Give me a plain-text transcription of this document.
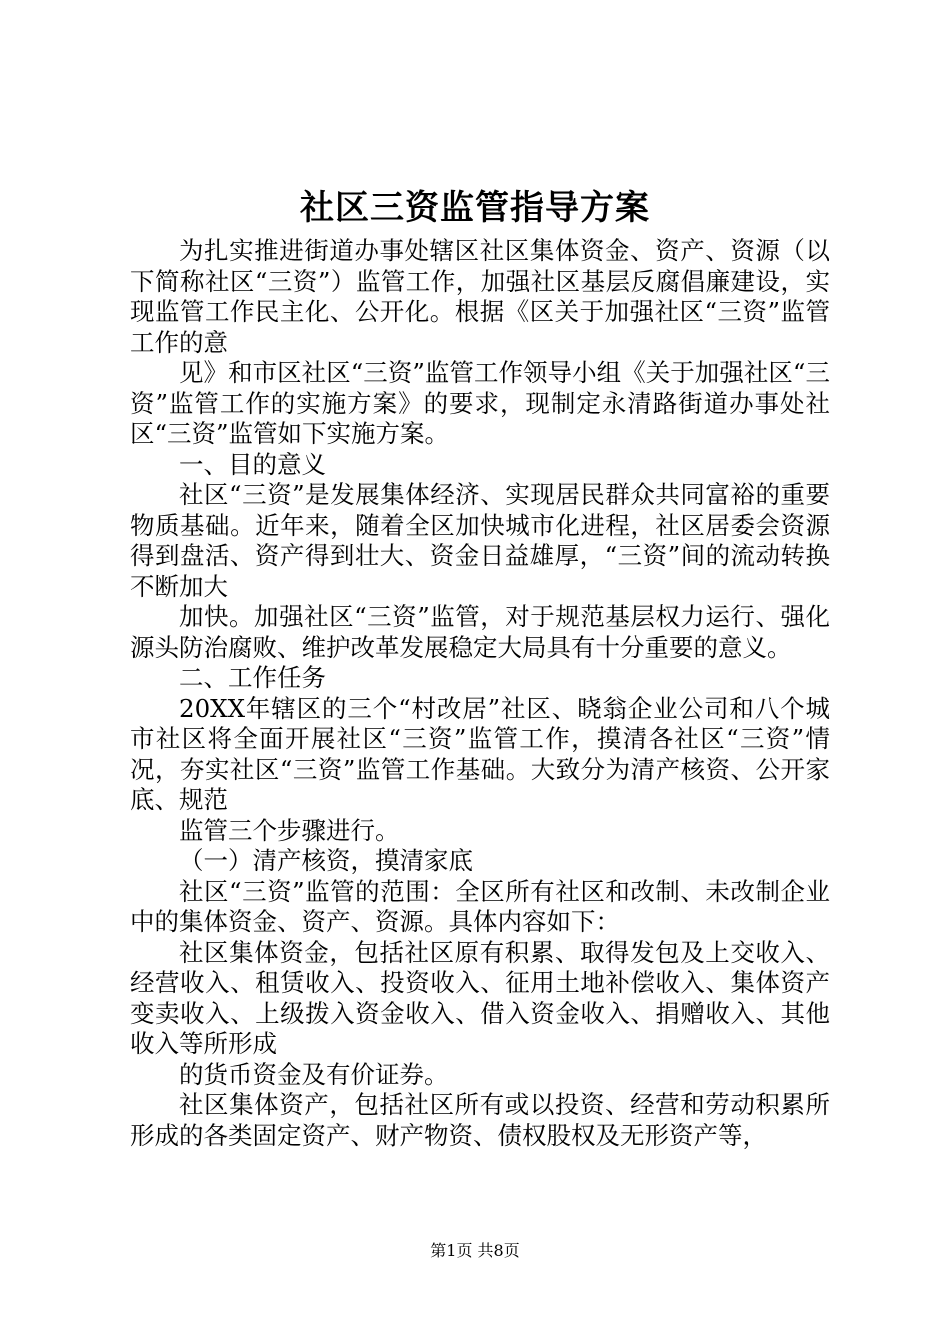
社区三资监管指导方案

为扎实推进街道办事处辖区社区集体资金、资产、资源（以下简称社区“三资”）监管工作，加强社区基层反腐倡廉建设，实现监管工作民主化、公开化。根据《区关于加强社区“三资”监管工作的意

见》和市区社区“三资”监管工作领导小组《关于加强社区“三资”监管工作的实施方案》的要求，现制定永清路街道办事处社区“三资”监管如下实施方案。

一、目的意义

社区“三资”是发展集体经济、实现居民群众共同富裕的重要物质基础。近年来，随着全区加快城市化进程，社区居委会资源得到盘活、资产得到壮大、资金日益雄厚，“三资”间的流动转换不断加大

加快。加强社区“三资”监管，对于规范基层权力运行、强化源头防治腐败、维护改革发展稳定大局具有十分重要的意义。

二、工作任务

20XX年辖区的三个“村改居”社区、晓翁企业公司和八个城市社区将全面开展社区“三资”监管工作，摸清各社区“三资”情况，夯实社区“三资”监管工作基础。大致分为清产核资、公开家底、规范

监管三个步骤进行。

（一）清产核资，摸清家底

社区“三资”监管的范围：全区所有社区和改制、未改制企业中的集体资金、资产、资源。具体内容如下：

社区集体资金，包括社区原有积累、取得发包及上交收入、经营收入、租赁收入、投资收入、征用土地补偿收入、集体资产变卖收入、上级拨入资金收入、借入资金收入、捐赠收入、其他收入等所形成

的货币资金及有价证券。

社区集体资产，包括社区所有或以投资、经营和劳动积累所形成的各类固定资产、财产物资、债权股权及无形资产等，

第1页 共8页
